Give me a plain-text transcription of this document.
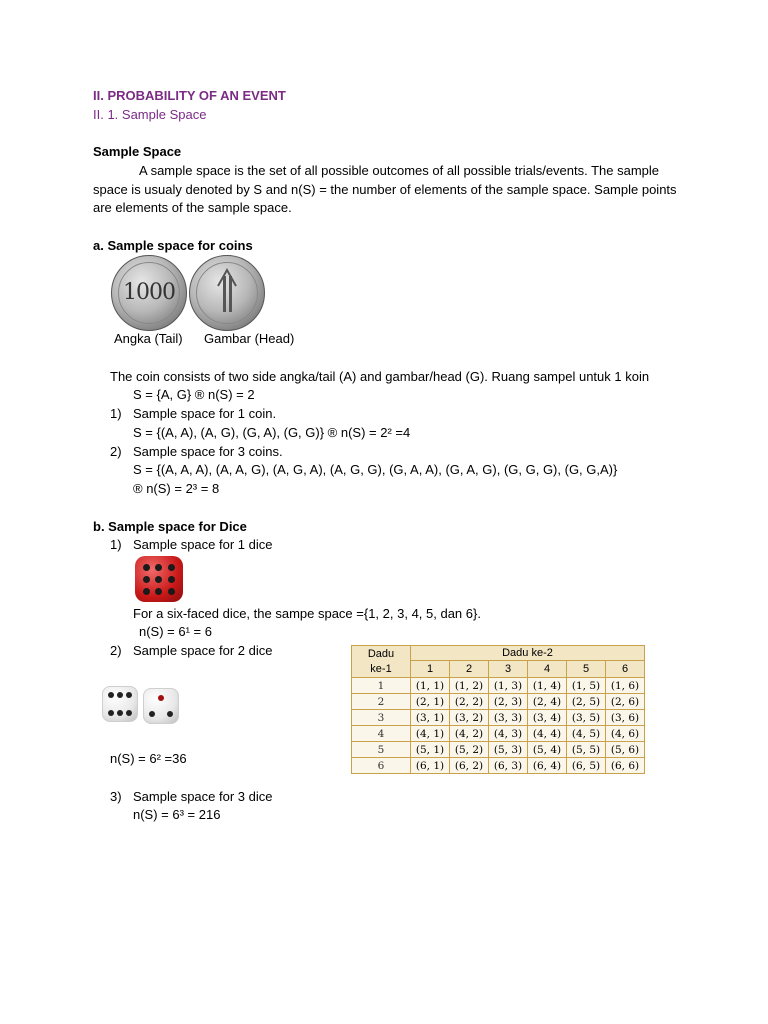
II. PROBABILITY OF AN EVENT
II. 1. Sample Space
Sample Space
A sample space is the set of all possible outcomes of all possible trials/events. The sample space is usualy denoted by S and n(S) = the number of elements of the sample space. Sample points are elements of the sample space.
a. Sample space for coins
1000
Angka (Tail) Gambar (Head)
The coin consists of two side angka/tail (A) and gambar/head (G). Ruang sampel untuk 1 koin
S = {A, G} ® n(S) = 2
1) Sample space for 1 coin.
S = {(A, A), (A, G), (G, A), (G, G)} ® n(S) = 2² =4
2) Sample space for 3 coins.
S = {(A, A, A), (A, A, G), (A, G, A), (A, G, G), (G, A, A), (G, A, G), (G, G, G), (G, G,A)}
® n(S) = 2³ = 8
b. Sample space for Dice
1) Sample space for 1 dice
For a six-faced dice, the sampe space ={1, 2, 3, 4, 5, dan 6}.
n(S) = 6¹ = 6
2) Sample space for 2 dice
n(S) = 6² =36
3) Sample space for 3 dice
n(S) = 6³ = 216
Dadu
ke-1	Dadu ke-2					
	1	2	3	4	5	6
1	(1, 1)	(1, 2)	(1, 3)	(1, 4)	(1, 5)	(1, 6)
2	(2, 1)	(2, 2)	(2, 3)	(2, 4)	(2, 5)	(2, 6)
3	(3, 1)	(3, 2)	(3, 3)	(3, 4)	(3, 5)	(3, 6)
4	(4, 1)	(4, 2)	(4, 3)	(4, 4)	(4, 5)	(4, 6)
5	(5, 1)	(5, 2)	(5, 3)	(5, 4)	(5, 5)	(5, 6)
6	(6, 1)	(6, 2)	(6, 3)	(6, 4)	(6, 5)	(6, 6)
